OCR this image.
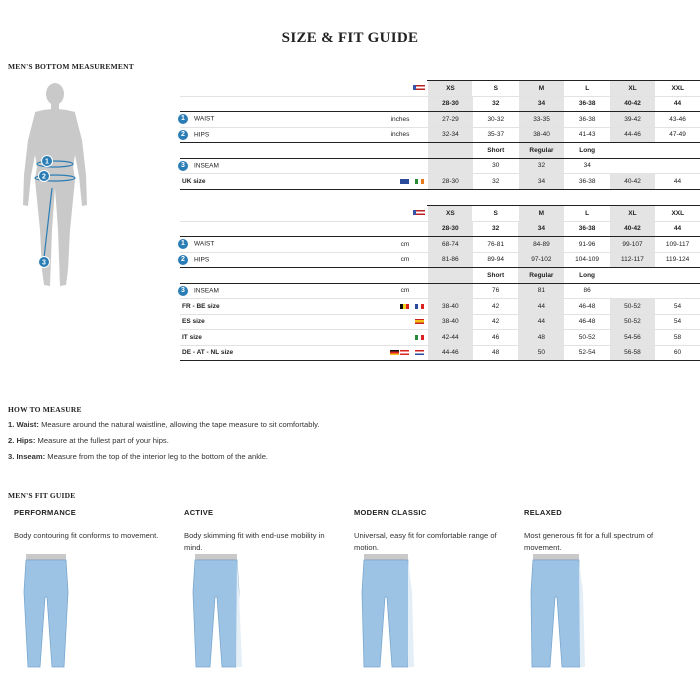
SIZE & FIT GUIDE
MEN'S BOTTOM MEASUREMENT
1
2
3
			XS	S	M	L	XL	XXL
			28-30	32	34	36-38	40-42	44
1 WAIST	inches		27-29	30-32	33-35	36-38	39-42	43-46
2 HIPS	inches		32-34	35-37	38-40	41-43	44-46	47-49
				Short	Regular	Long		
3 INSEAM				30	32	34		
UK size			28-30	32	34	36-38	40-42	44
			XS	S	M	L	XL	XXL
			28-30	32	34	36-38	40-42	44
1 WAIST	cm		68-74	76-81	84-89	91-96	99-107	109-117
2 HIPS	cm		81-86	89-94	97-102	104-109	112-117	119-124
				Short	Regular	Long		
3 INSEAM	cm			76	81	86		
FR - BE size			38-40	42	44	46-48	50-52	54
ES size			38-40	42	44	46-48	50-52	54
IT size			42-44	46	48	50-52	54-56	58
DE - AT - NL size			44-46	48	50	52-54	56-58	60
HOW TO MEASURE
1. Waist: Measure around the natural waistline, allowing the tape measure to sit comfortably.
2. Hips: Measure at the fullest part of your hips.
3. Inseam: Measure from the top of the interior leg to the bottom of the ankle.
MEN'S FIT GUIDE
PERFORMANCE	ACTIVE	MODERN CLASSIC	RELAXED
Body contouring fit conforms to movement.	Body skimming fit with end-use mobility in mind.
Universal, easy fit for comfortable range of motion.
Most generous fit for a full spectrum of movement.
